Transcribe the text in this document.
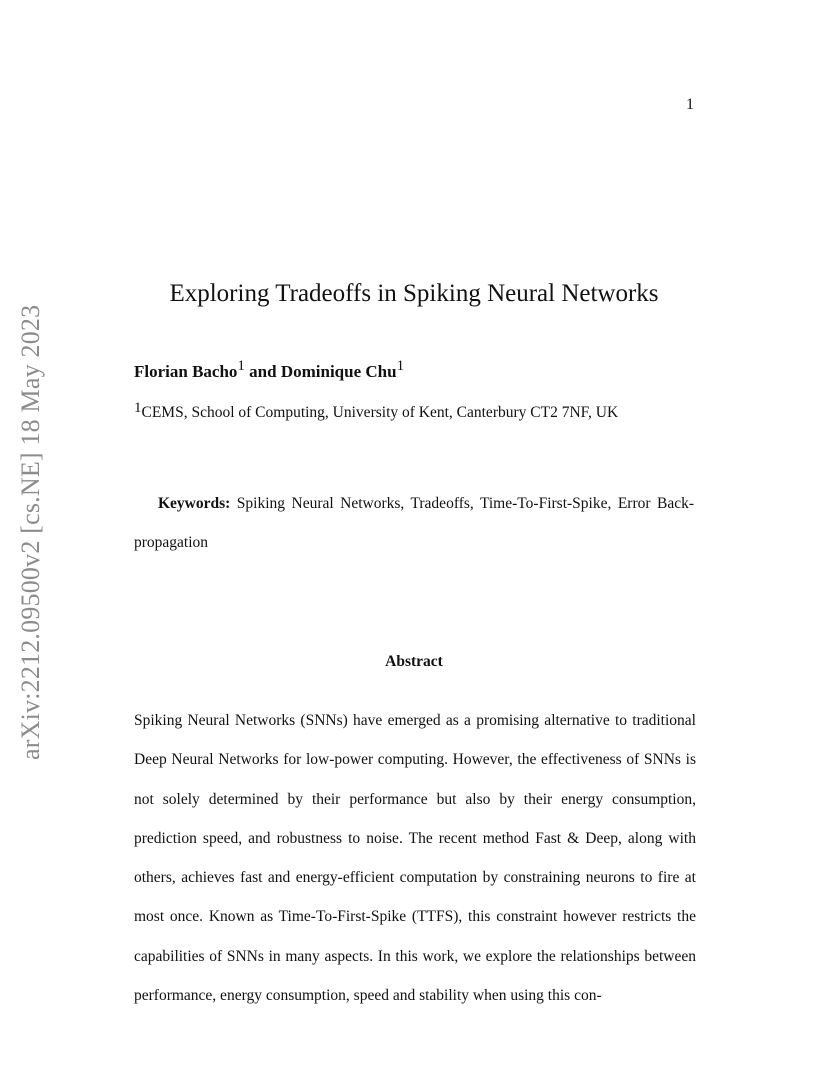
1
arXiv:2212.09500v2 [cs.NE] 18 May 2023
Exploring Tradeoffs in Spiking Neural Networks
Florian Bacho$^1$ and Dominique Chu$^1$
$^1$CEMS, School of Computing, University of Kent, Canterbury CT2 7NF, UK

Keywords: Spiking Neural Networks, Tradeoffs, Time-To-First-Spike, Error Back-propagation

Abstract

Spiking Neural Networks (SNNs) have emerged as a promising alternative to traditional Deep Neural Networks for low-power computing. However, the effectiveness of SNNs is not solely determined by their performance but also by their energy consumption, prediction speed, and robustness to noise. The recent method Fast & Deep, along with others, achieves fast and energy-efficient computation by constraining neurons to fire at most once. Known as Time-To-First-Spike (TTFS), this constraint however restricts the capabilities of SNNs in many aspects. In this work, we explore the relationships between performance, energy consumption, speed and stability when using this con-
